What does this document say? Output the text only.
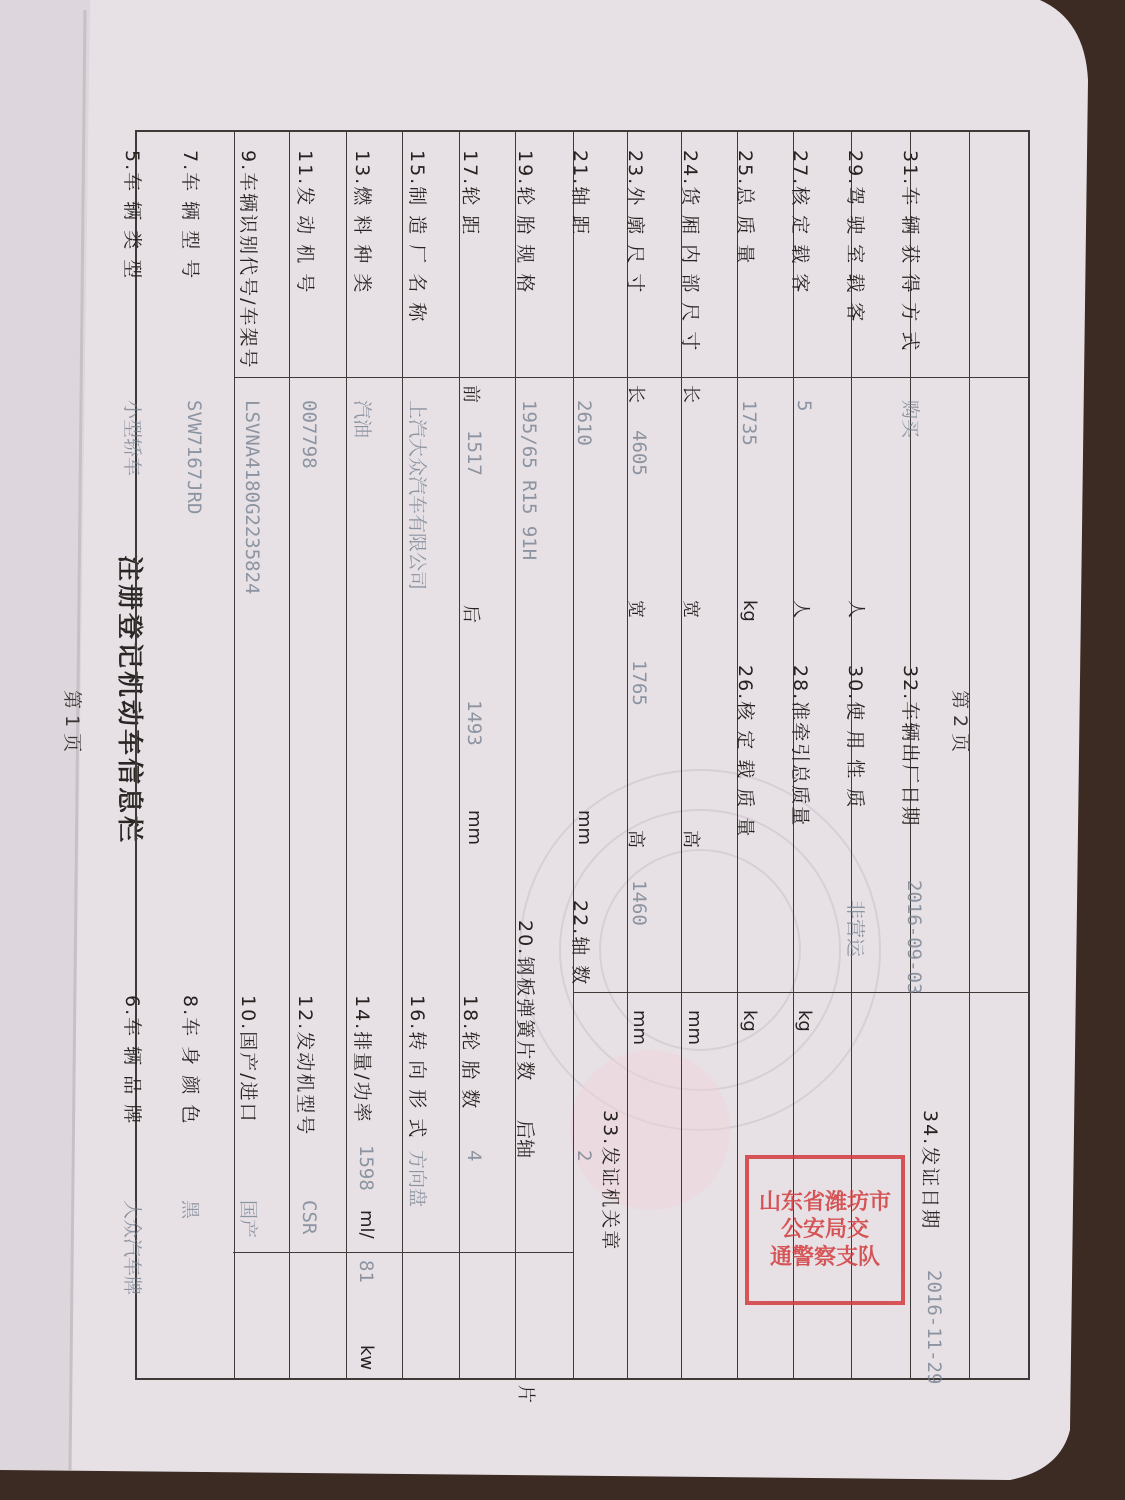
第 1 页	第 2 页
注册登记机动车信息栏
5.车 辆 类 型
小型轿车
6.车 辆 品 牌
大众汽车牌
7.车 辆 型 号
SVW7167JRD
8.车 身 颜 色
黑
9.车辆识别代号/车架号
LSVNA4180G2235824
10.国产/进口
国产
11.发 动 机 号
007798
12.发动机型号
CSR
13.燃 料 种 类
汽油
14.排量/功率
1598
ml/
81
kw
15.制 造 厂 名 称
上汽大众汽车有限公司
16.转 向 形 式
方向盘
17.轮 距
前
1517
后
1493
mm
18.轮 胎 数
4
19.轮 胎 规 格
195/65 R15 91H
20.钢板弹簧片数
后轴
片
21.轴 距
2610
mm
22.轴 数
2
23.外 廓 尺 寸
长
4605
宽
1765
高
1460
mm
24.货 厢 内 部 尺 寸
长
宽
高
mm
25.总 质 量
1735
kg
26.核 定 载 质 量
kg
27.核 定 载 客
5
人
28.准牵引总质量
kg
29.驾 驶 室 载 客
人
30.使 用 性 质
非营运
31.车 辆 获 得 方 式
购买
32.车辆出厂日期
2016-09-03
33.发证机关章	34.发证日期
2016-11-29
山东省潍坊市
公安局交
通警察支队
